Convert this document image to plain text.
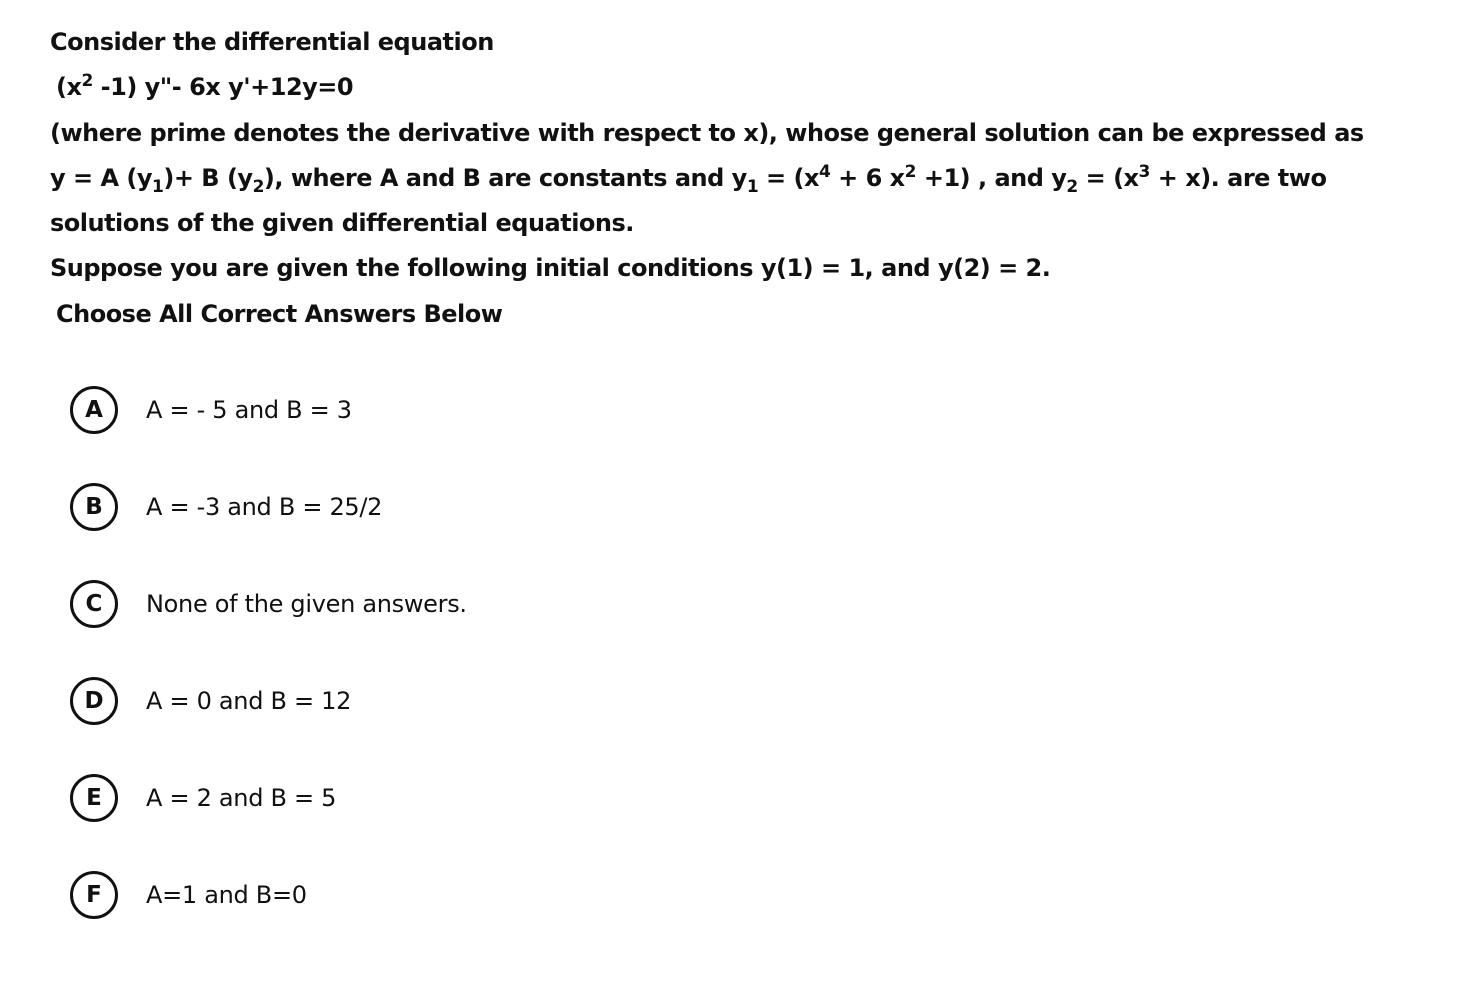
Consider the differential equation
($x^2$ -1) y"- 6x y'+12y=0
(where prime denotes the derivative with respect to x), whose general solution can be expressed as
y = A $(y_1)+ B$ $(y_2)$, where A and B are constants and $y_1 = (x^4 + 6$ $x^2 +1$) , and $y_2 = (x^3 + x)$. are two
solutions of the given differential equations.
Suppose you are given the following initial conditions y(1) = 1, and y(2) = 2.
Choose All Correct Answers Below
A	A = - 5 and B = 3
B	A = -3 and B = 25/2
C	None of the given answers.
D	A = 0 and B = 12
E	A = 2 and B = 5
F	A=1 and B=0
